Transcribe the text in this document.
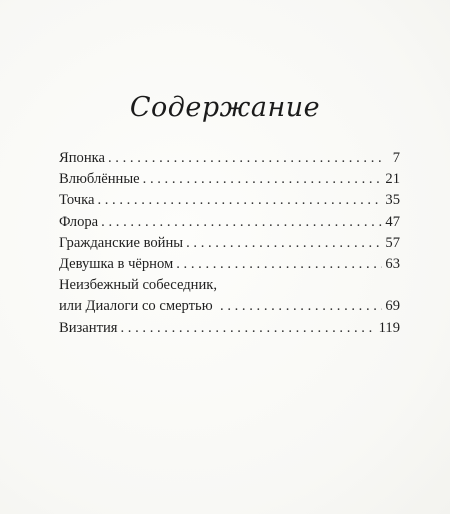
Содержание
Японка . . .	7
Влюблённые . . .	21
Точка . . .	35
Флора . . .	47
Гражданские войны . . .	57
Девушка в чёрном . . .	63
Неизбежный собеседник,
или Диалоги со смертью . . .	69
Византия . . .	119
